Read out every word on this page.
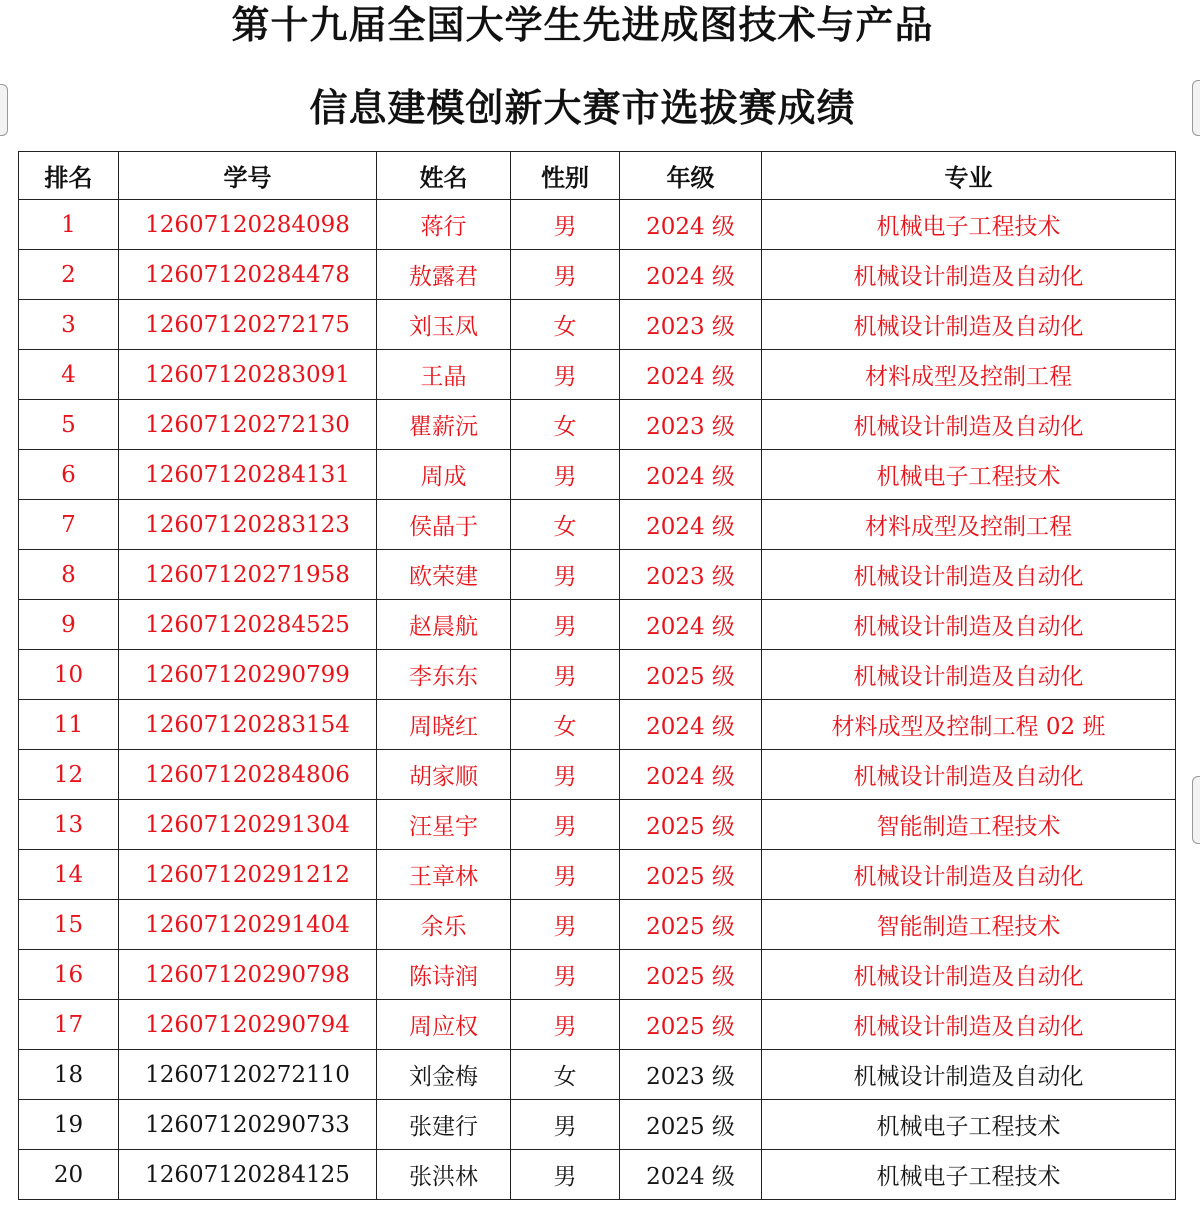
第十九届全国大学生先进成图技术与产品
信息建模创新大赛市选拔赛成绩
排名	学号	姓名	性别	年级	专业
1	12607120284098	蒋行	男	2024 级	机械电子工程技术
2	12607120284478	敖露君	男	2024 级	机械设计制造及自动化
3	12607120272175	刘玉凤	女	2023 级	机械设计制造及自动化
4	12607120283091	王晶	男	2024 级	材料成型及控制工程
5	12607120272130	瞿薪沅	女	2023 级	机械设计制造及自动化
6	12607120284131	周成	男	2024 级	机械电子工程技术
7	12607120283123	侯晶于	女	2024 级	材料成型及控制工程
8	12607120271958	欧荣建	男	2023 级	机械设计制造及自动化
9	12607120284525	赵晨航	男	2024 级	机械设计制造及自动化
10	12607120290799	李东东	男	2025 级	机械设计制造及自动化
11	12607120283154	周晓红	女	2024 级	材料成型及控制工程 02 班
12	12607120284806	胡家顺	男	2024 级	机械设计制造及自动化
13	12607120291304	汪星宇	男	2025 级	智能制造工程技术
14	12607120291212	王章林	男	2025 级	机械设计制造及自动化
15	12607120291404	余乐	男	2025 级	智能制造工程技术
16	12607120290798	陈诗润	男	2025 级	机械设计制造及自动化
17	12607120290794	周应权	男	2025 级	机械设计制造及自动化
18	12607120272110	刘金梅	女	2023 级	机械设计制造及自动化
19	12607120290733	张建行	男	2025 级	机械电子工程技术
20	12607120284125	张洪林	男	2024 级	机械电子工程技术
